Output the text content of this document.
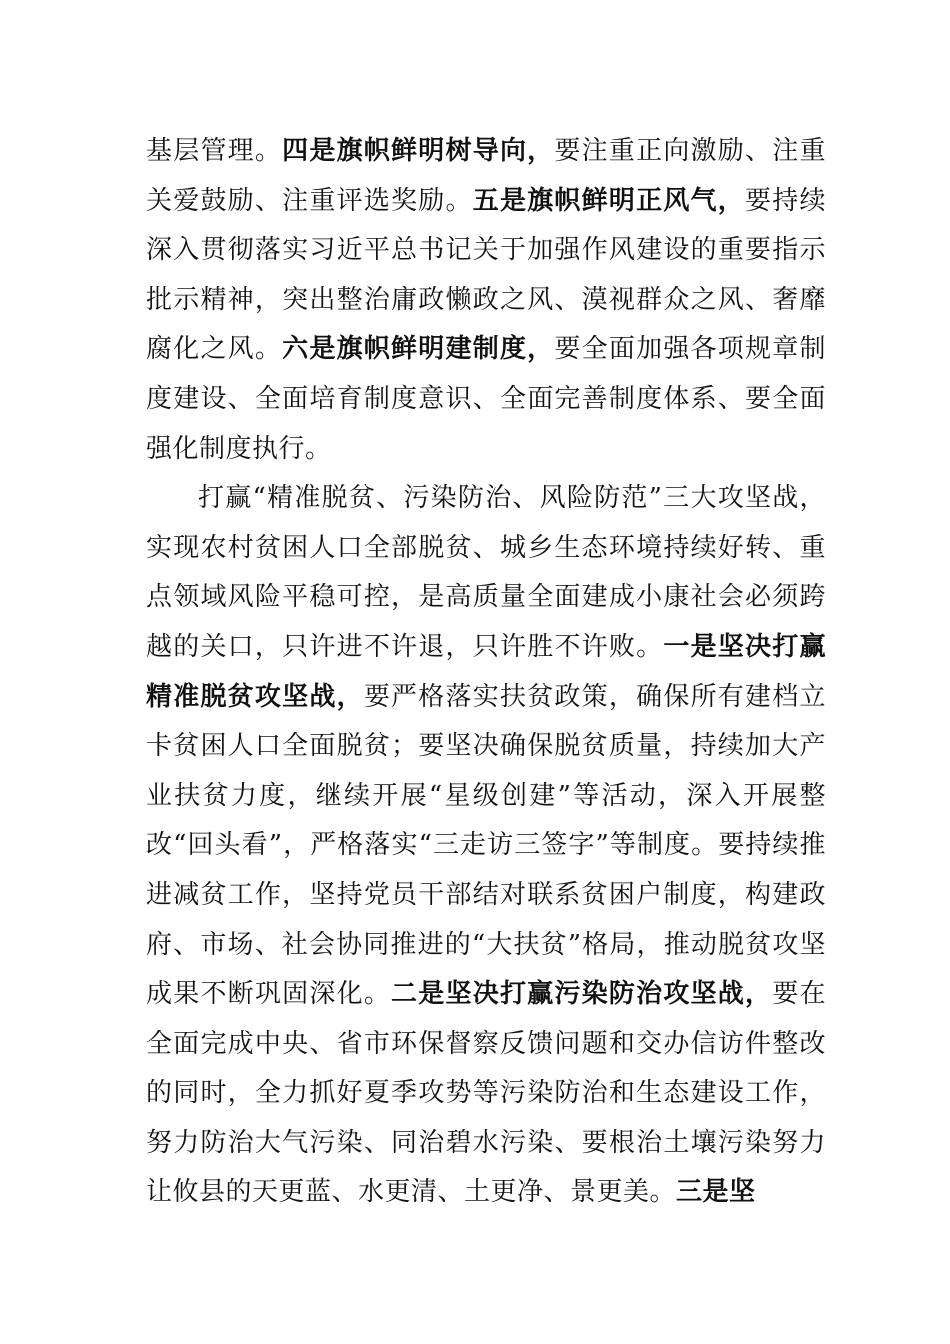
基层管理。四是旗帜鲜明树导向，要注重正向激励、注重关爱鼓励、注重评选奖励。五是旗帜鲜明正风气，要持续深入贯彻落实习近平总书记关于加强作风建设的重要指示批示精神，突出整治庸政懒政之风、漠视群众之风、奢靡腐化之风。六是旗帜鲜明建制度，要全面加强各项规章制度建设、全面培育制度意识、全面完善制度体系、要全面强化制度执行。

打赢“精准脱贫、污染防治、风险防范”三大攻坚战，实现农村贫困人口全部脱贫、城乡生态环境持续好转、重点领域风险平稳可控，是高质量全面建成小康社会必须跨越的关口，只许进不许退，只许胜不许败。一是坚决打赢精准脱贫攻坚战，要严格落实扶贫政策，确保所有建档立卡贫困人口全面脱贫；要坚决确保脱贫质量，持续加大产业扶贫力度，继续开展“星级创建”等活动，深入开展整改“回头看”，严格落实“三走访三签字”等制度。要持续推进减贫工作，坚持党员干部结对联系贫困户制度，构建政府、市场、社会协同推进的“大扶贫”格局，推动脱贫攻坚成果不断巩固深化。二是坚决打赢污染防治攻坚战，要在全面完成中央、省市环保督察反馈问题和交办信访件整改的同时，全力抓好夏季攻势等污染防治和生态建设工作，努力防治大气污染、同治碧水污染、要根治土壤污染努力让攸县的天更蓝、水更清、土更净、景更美。三是坚
